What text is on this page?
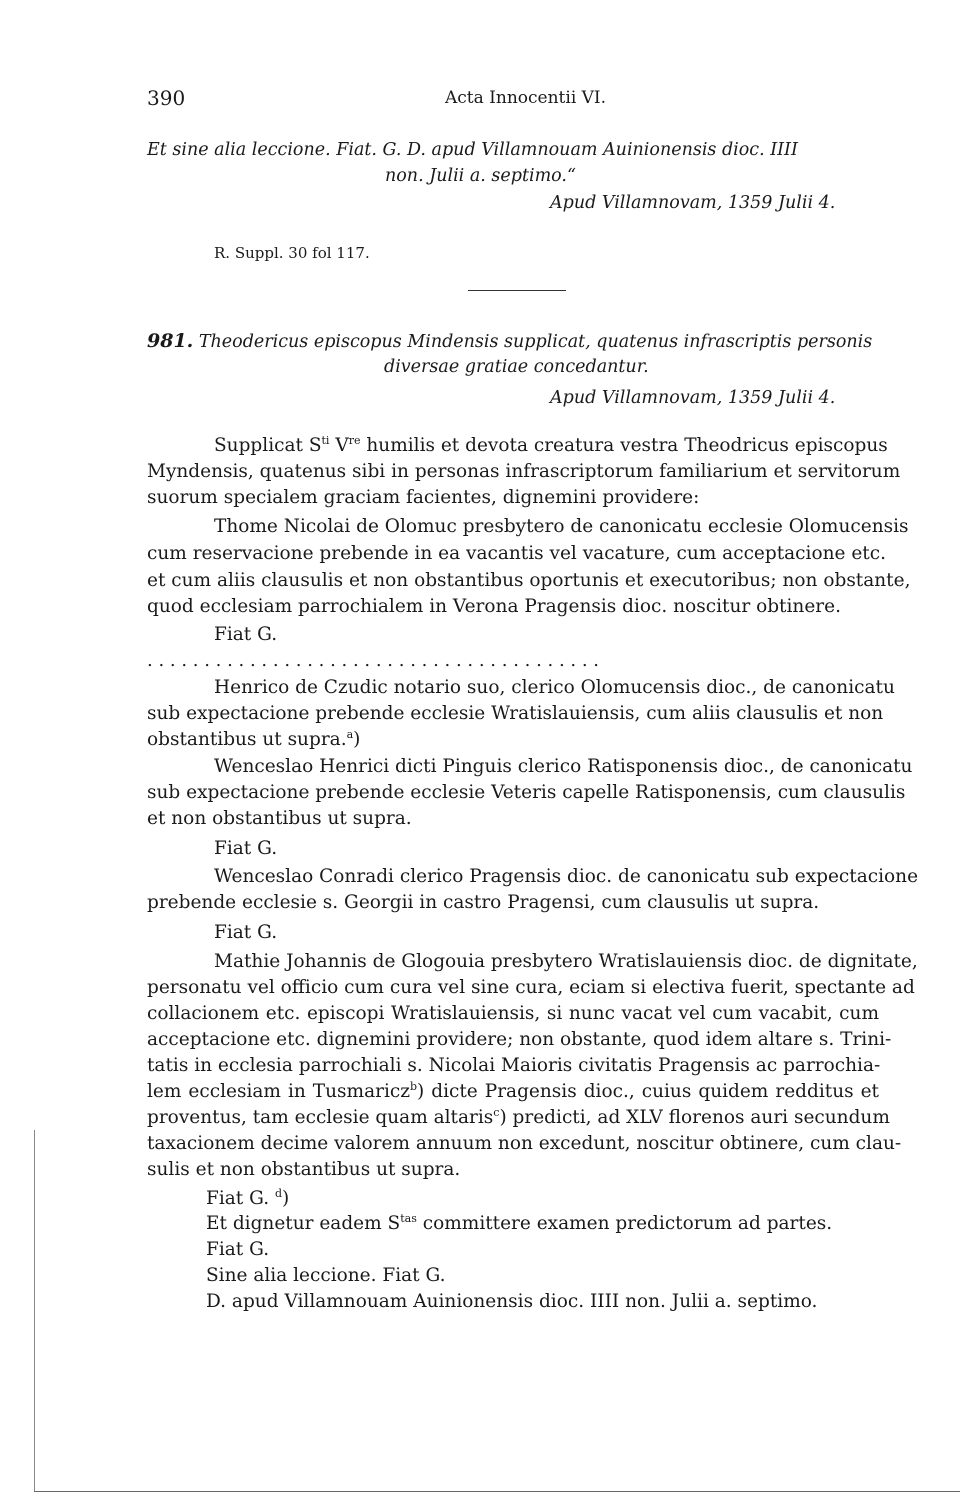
390	Acta Innocentii VI.
Et sine alia leccione. Fiat. G. D. apud Villamnouam Auinionensis dioc. IIII
non. Julii a. septimo.“
Apud Villamnovam, 1359 Julii 4.
R. Suppl. 30 fol 117.
981. Theodericus episcopus Mindensis supplicat, quatenus infrascriptis personis
diversae gratiae concedantur.
Apud Villamnovam, 1359 Julii 4.
Supplicat $S^{ti}$ Vre humilis et devota creatura vestra Theodricus episcopus
Myndensis, quatenus sibi in personas infrascriptorum familiarium et servitorum
suorum specialem graciam facientes, dignemini providere:
Thome Nicolai de Olomuc presbytero de canonicatu ecclesie Olomucensis
cum reservacione prebende in ea vacantis vel vacature, cum acceptacione etc.
et cum aliis clausulis et non obstantibus oportunis et executoribus; non obstante,
quod ecclesiam parrochialem in Verona Pragensis dioc. noscitur obtinere.
Fiat G.
. . . . . . . . . . . . . . . . . . . . . . . . . . . . . . . . . . . . . . . .
Henrico de Czudic notario suo, clerico Olomucensis dioc., de canonicatu
sub expectacione prebende ecclesie Wratislauiensis, cum aliis clausulis et non
obstantibus ut supra.$^a$)
Wenceslao Henrici dicti Pinguis clerico Ratisponensis dioc., de canonicatu
sub expectacione prebende ecclesie Veteris capelle Ratisponensis, cum clausulis
et non obstantibus ut supra.
Fiat G.
Wenceslao Conradi clerico Pragensis dioc. de canonicatu sub expectacione
prebende ecclesie s. Georgii in castro Pragensi, cum clausulis ut supra.
Fiat G.
Mathie Johannis de Glogouia presbytero Wratislauiensis dioc. de dignitate,
personatu vel officio cum cura vel sine cura, eciam si electiva fuerit, spectante ad
collacionem etc. episcopi Wratislauiensis, si nunc vacat vel cum vacabit, cum
acceptacione etc. dignemini providere; non obstante, quod idem altare s. Trini-
tatis in ecclesia parrochiali s. Nicolai Maioris civitatis Pragensis ac parrochia-
lem ecclesiam in Tusmaricz$^b$) dicte Pragensis dioc., cuius quidem redditus et
proventus, tam ecclesie quam altaris$^c$) predicti, ad XLV florenos auri secundum
taxacionem decime valorem annuum non excedunt, noscitur obtinere, cum clau-
sulis et non obstantibus ut supra.
Fiat G. $^d$)
Et dignetur eadem $S^{tas}$ committere examen predictorum ad partes.
Fiat G.
Sine alia leccione. Fiat G.
D. apud Villamnouam Auinionensis dioc. IIII non. Julii a. septimo.
